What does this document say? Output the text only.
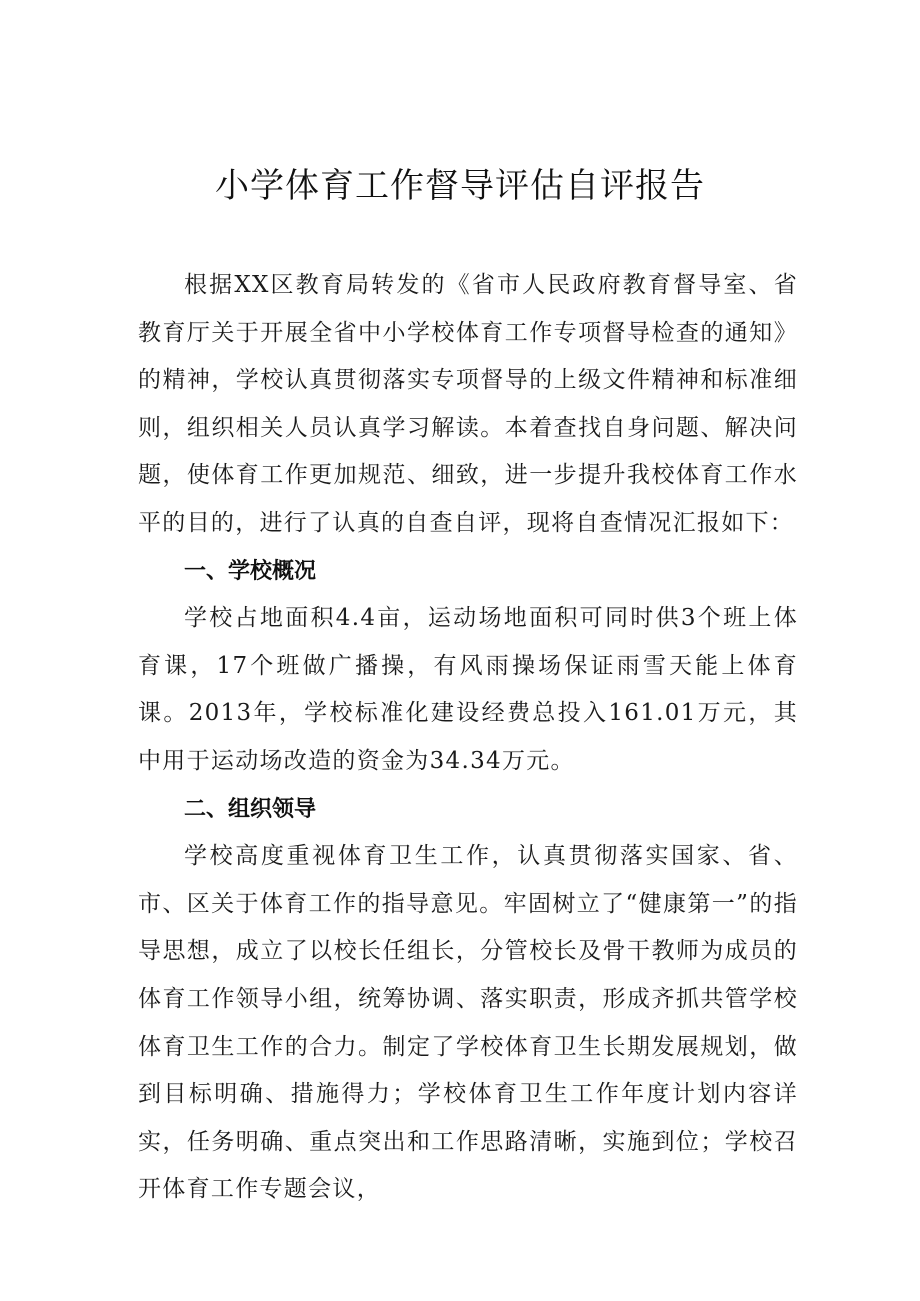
小学体育工作督导评估自评报告

根据XX区教育局转发的《省市人民政府教育督导室、省教育厅关于开展全省中小学校体育工作专项督导检查的通知》的精神，学校认真贯彻落实专项督导的上级文件精神和标准细则，组织相关人员认真学习解读。本着查找自身问题、解决问题，使体育工作更加规范、细致，进一步提升我校体育工作水平的目的，进行了认真的自查自评，现将自查情况汇报如下：

一、学校概况

学校占地面积4.4亩，运动场地面积可同时供3个班上体育课，17个班做广播操，有风雨操场保证雨雪天能上体育课。2013年，学校标准化建设经费总投入161.01万元，其中用于运动场改造的资金为34.34万元。

二、组织领导

学校高度重视体育卫生工作，认真贯彻落实国家、省、市、区关于体育工作的指导意见。牢固树立了“健康第一”的指导思想，成立了以校长任组长，分管校长及骨干教师为成员的体育工作领导小组，统筹协调、落实职责，形成齐抓共管学校体育卫生工作的合力。制定了学校体育卫生长期发展规划，做到目标明确、措施得力；学校体育卫生工作年度计划内容详实，任务明确、重点突出和工作思路清晰，实施到位；学校召开体育工作专题会议，
